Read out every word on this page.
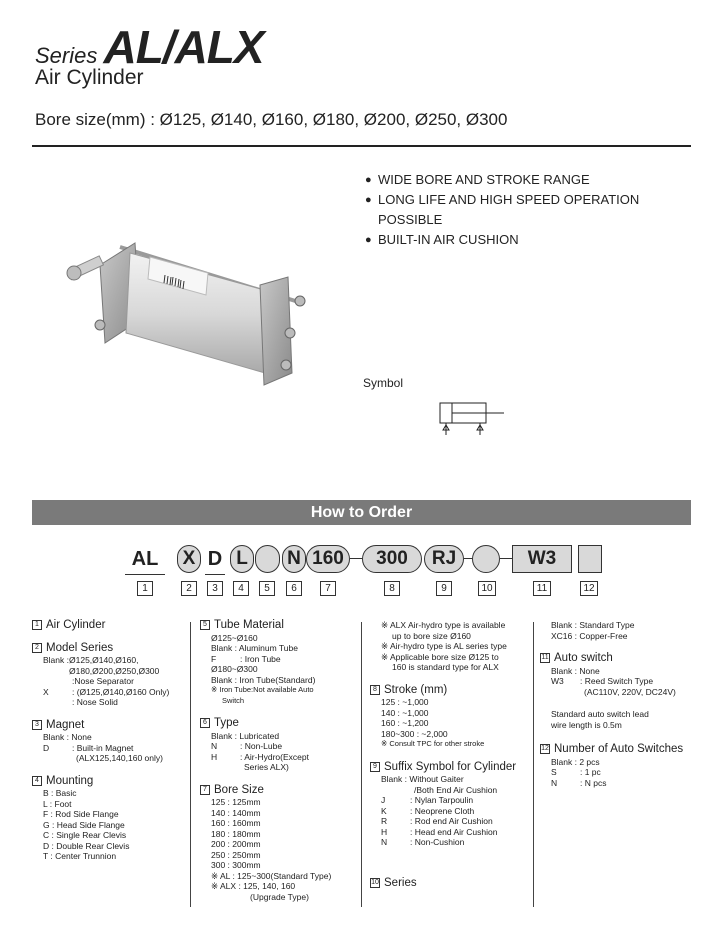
Series AL/ALX
Air Cylinder
Bore size(mm) : Ø125, Ø140, Ø160, Ø180, Ø200, Ø250, Ø300
● WIDE BORE AND STROKE RANGE
● LONG LIFE AND HIGH SPEED OPERATION POSSIBLE
● BUILT-IN AIR CUSHION
Symbol
How to Order
AL X D L	N 160	300	RJ	W3
1	2	3	4	5	6	7	8	9	10	11	12
1 Air Cylinder
2 Model Series
Blank : Ø125,Ø140,Ø160, Ø180,Ø200,Ø250,Ø300
:Nose Separator
X	: (Ø125,Ø140,Ø160 Only)
: Nose Solid
3 Magnet
Blank : None
D	: Built-in Magnet
(ALX125,140,160 only)
4 Mounting
B : Basic
L : Foot
F : Rod Side Flange
G : Head Side Flange
C : Single Rear Clevis
D : Double Rear Clevis
T : Center Trunnion
5 Tube Material
Ø125~Ø160
Blank : Aluminum Tube
F	: Iron Tube
Ø180~Ø300
Blank : Iron Tube(Standard)
※ Iron Tube:Not available Auto
Switch
6 Type
Blank : Lubricated
N	: Non-Lube
H	: Air-Hydro(Except
Series ALX)
7 Bore Size
125 : 125mm
140 : 140mm
160 : 160mm
180 : 180mm
200 : 200mm
250 : 250mm
300 : 300mm
※ AL : 125~300(Standard Type)
※ ALX : 125, 140, 160
(Upgrade Type)
※ ALX Air-hydro type is available
up to bore size Ø160
※ Air-hydro type is AL series type
※ Applicable bore size Ø125 to
160 is standard type for ALX
8 Stroke (mm)
125 : ~1,000
140 : ~1,000
160 : ~1,200
180~300 : ~2,000
※ Consult TPC for other stroke
9 Suffix Symbol for Cylinder
Blank : Without Gaiter
/Both End Air Cushion
J	: Nylan Tarpoulin
K	: Neoprene Cloth
R	: Rod end Air Cushion
H	: Head end Air Cushion
N	: Non-Cushion
10 Series
Blank : Standard Type
XC16 : Copper-Free
11 Auto switch
Blank : None
W3	: Reed Switch Type
(AC110V, 220V, DC24V)
Standard auto switch lead
wire length is 0.5m
12 Number of Auto Switches
Blank : 2 pcs
S	: 1 pc
N	: N pcs
